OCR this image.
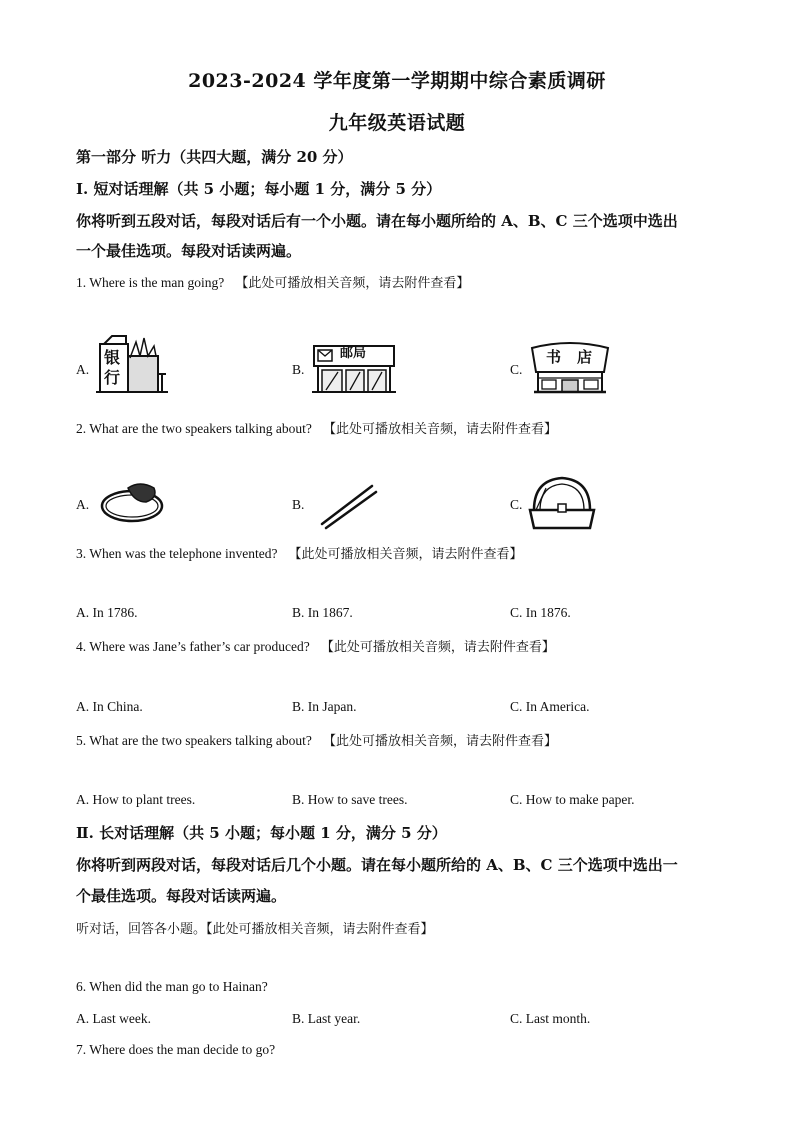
2023-2024 学年度第一学期期中综合素质调研
九年级英语试题
第一部分 听力（共四大题，满分 20 分）
I. 短对话理解（共 5 小题；每小题 1 分，满分 5 分）
你将听到五段对话，每段对话后有一个小题。请在每小题所给的 A、B、C 三个选项中选出
一个最佳选项。每段对话读两遍。
1. Where is the man going? 【此处可播放相关音频，请去附件查看】
A.	B.	C.
银行
邮局	书店
2. What are the two speakers talking about? 【此处可播放相关音频，请去附件查看】
A.	B.	C.
3. When was the telephone invented? 【此处可播放相关音频，请去附件查看】
A. In 1786.	B. In 1867.	C. In 1876.
4. Where was Jane’s father’s car produced? 【此处可播放相关音频，请去附件查看】
A. In China.	B. In Japan.	C. In America.
5. What are the two speakers talking about? 【此处可播放相关音频，请去附件查看】
A. How to plant trees.	B. How to save trees.	C. How to make paper.
Ⅱ. 长对话理解（共 5 小题；每小题 1 分，满分 5 分）
你将听到两段对话，每段对话后几个小题。请在每小题所给的 A、B、C 三个选项中选出一
个最佳选项。每段对话读两遍。
听对话，回答各小题。【此处可播放相关音频，请去附件查看】
6. When did the man go to Hainan?
A. Last week.	B. Last year.	C. Last month.
7. Where does the man decide to go?
